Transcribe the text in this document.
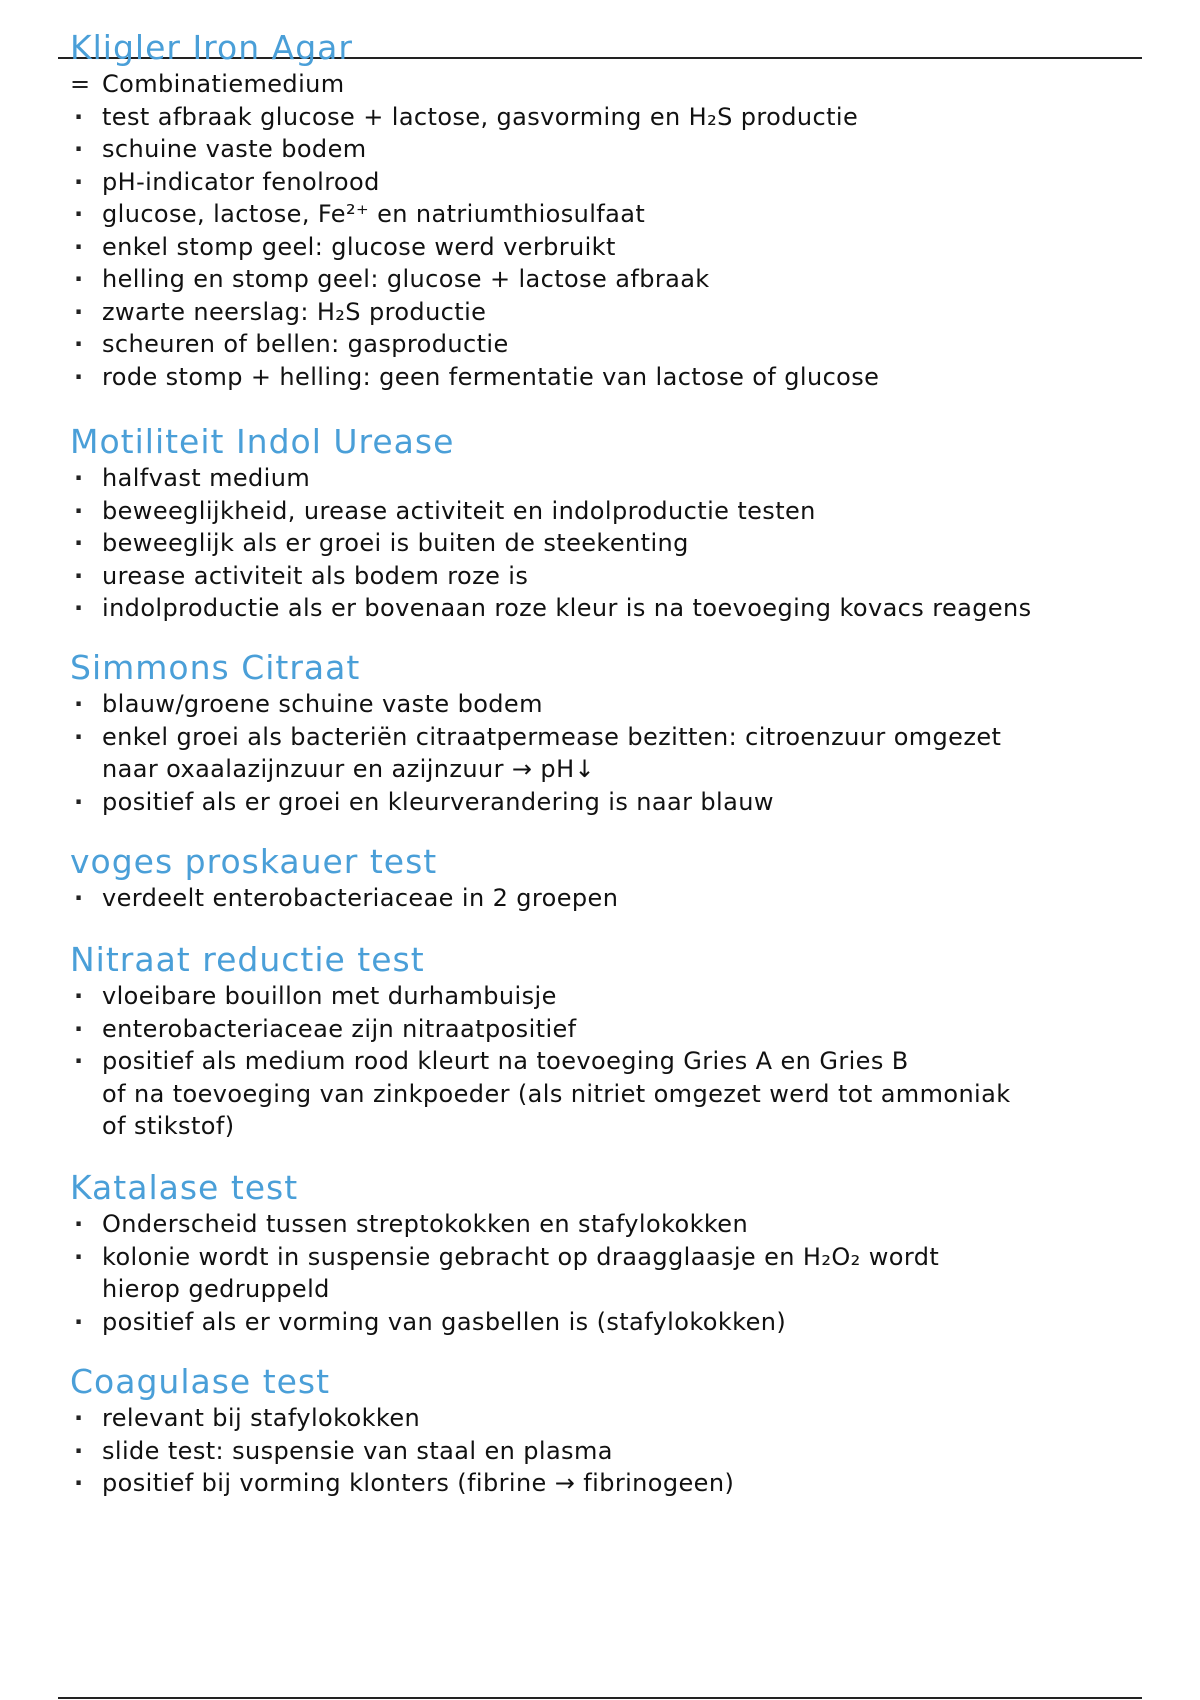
Kligler Iron Agar
= Combinatiemedium
· test afbraak glucose + lactose, gasvorming en H₂S productie
· schuine vaste bodem
· pH-indicator fenolrood
· glucose, lactose, Fe²⁺ en natriumthiosulfaat
· enkel stomp geel: glucose werd verbruikt
· helling en stomp geel: glucose + lactose afbraak
· zwarte neerslag: H₂S productie
· scheuren of bellen: gasproductie
· rode stomp + helling: geen fermentatie van lactose of glucose
Motiliteit Indol Urease
· halfvast medium
· beweeglijkheid, urease activiteit en indolproductie testen
· beweeglijk als er groei is buiten de steekenting
· urease activiteit als bodem roze is
· indolproductie als er bovenaan roze kleur is na toevoeging kovacs reagens
Simmons Citraat
· blauw/groene schuine vaste bodem
· enkel groei als bacteriën citraatpermease bezitten: citroenzuur omgezet
naar oxaalazijnzuur en azijnzuur → pH↓
· positief als er groei en kleurverandering is naar blauw
voges proskauer test
· verdeelt enterobacteriaceae in 2 groepen
Nitraat reductie test
· vloeibare bouillon met durhambuisje
· enterobacteriaceae zijn nitraatpositief
· positief als medium rood kleurt na toevoeging Gries A en Gries B
of na toevoeging van zinkpoeder (als nitriet omgezet werd tot ammoniak
of stikstof)
Katalase test
· Onderscheid tussen streptokokken en stafylokokken
· kolonie wordt in suspensie gebracht op draagglaasje en H₂O₂ wordt
hierop gedruppeld
· positief als er vorming van gasbellen is (stafylokokken)
Coagulase test
· relevant bij stafylokokken
· slide test: suspensie van staal en plasma
· positief bij vorming klonters (fibrine → fibrinogeen)
